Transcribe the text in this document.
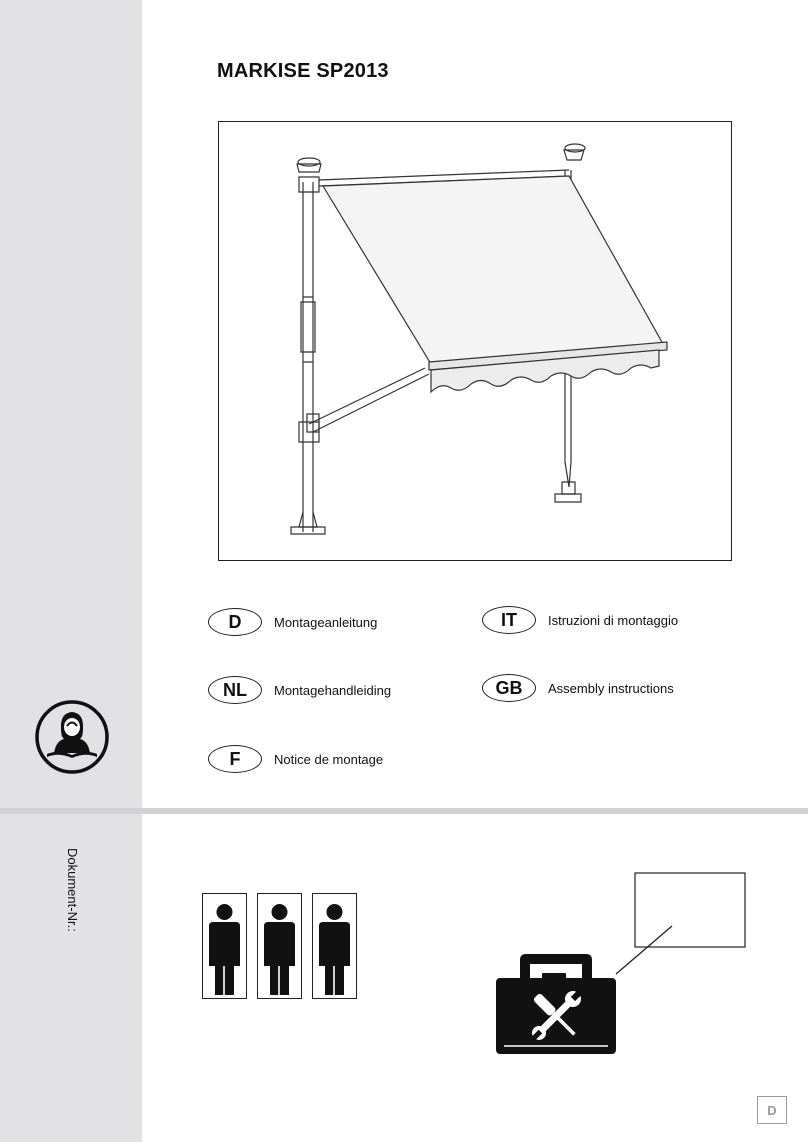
MARKISE SP2013
D	Montageanleitung	IT	Istruzioni di montaggio
NL	Montagehandleiding	GB	Assembly instructions
F	Notice de montage
Dokument-Nr.:
D
